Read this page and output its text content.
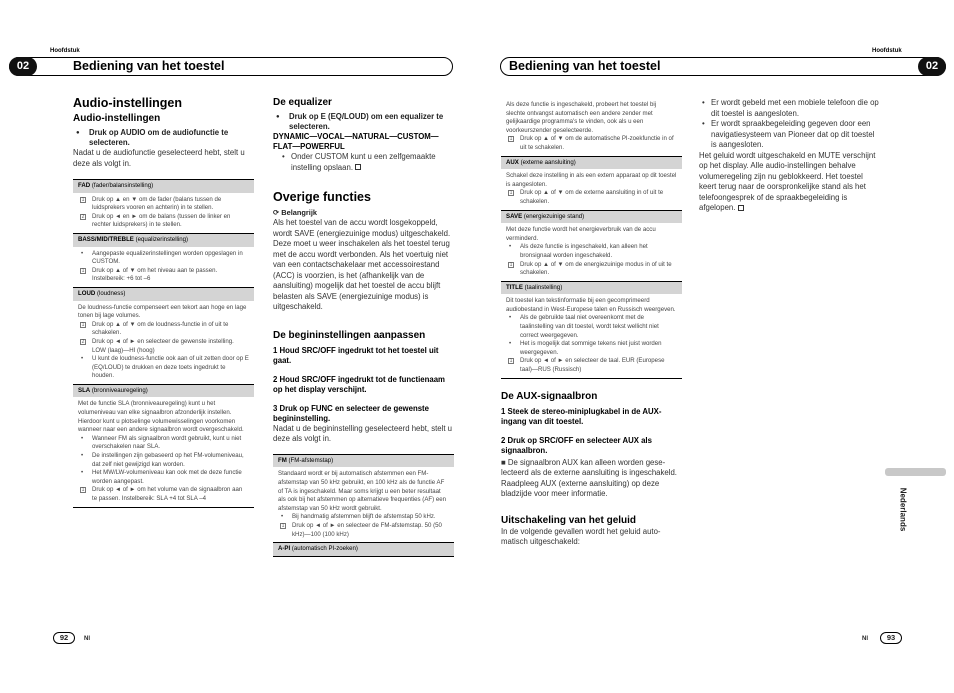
Hoofdstuk	Hoofdstuk
02	Bediening van het toestel	Bediening van het toestel	02
Audio-instellingen
Audio-instellingen
● Druk op AUDIO om de audiofunctie te selecteren.
Nadat u de audiofunctie geselecteerd hebt, stelt u deze als volgt in.
FAD (fader/balansinstelling)
1 Druk op ▲ en ▼ om de fader (balans tussen de luidsprekers vooren en achterin) in te stellen.
2 Druk op ◄ en ► om de balans (tussen de linker en rechter luidsprekers) in te stellen.
BASS/MID/TREBLE (equalizerinstelling)
• Aangepaste equalizerinstellingen worden opgeslagen in CUSTOM.
1 Druk op ▲ of ▼ om het niveau aan te passen. Instelbereik: +6 tot –6
LOUD (loudness)
De loudness-functie compenseert een tekort aan hoge en lage tonen bij lage volumes.
1 Druk op ▲ of ▼ om de loudness-functie in of uit te schakelen.
2 Druk op ◄ of ► en selecteer de gewenste instelling. LOW (laag)—HI (hoog)
• U kunt de loudness-functie ook aan of uit zetten door op E (EQ/LOUD) te drukken en deze toets ingedrukt te houden.
SLA (bronniveauregeling)
Met de functie SLA (bronniveauregeling) kunt u het volumeniveau van elke signaalbron afzonderlijk instellen. Hierdoor kunt u plotselinge volumewisselingen voorkomen wanneer naar een andere signaalbron wordt overgeschakeld.
• Wanneer FM als signaalbron wordt gebruikt, kunt u niet overschakelen naar SLA.
• De instellingen zijn gebaseerd op het FM-volumeniveau, dat zelf niet gewijzigd kan worden.
• Het MW/LW-volumeniveau kan ook met de deze functie worden aangepast.
1 Druk op ◄ of ► om het volume van de signaalbron aan te passen. Instelbereik: SLA +4 tot SLA –4
De equalizer
● Druk op E (EQ/LOUD) om een equalizer te selecteren.
DYNAMIC—VOCAL—NATURAL—CUSTOM—FLAT—POWERFUL
• Onder CUSTOM kunt u een zelfgemaakte instelling opslaan.
Overige functies
⟳ Belangrijk
Als het toestel van de accu wordt losgekoppeld, wordt SAVE (energiezuinige modus) uitgeschakeld. Deze moet u weer inschakelen als het toestel terug met de accu wordt verbonden. Als het voertuig niet van een contactschakelaar met accessoirestand (ACC) is voorzien, is het (afhankelijk van de aansluiting) mogelijk dat het toestel de accu blijft belasten als SAVE (energiezuinige modus) is uitgeschakeld.
De begininstellingen aanpassen
1 Houd SRC/OFF ingedrukt tot het toestel uit gaat.
2 Houd SRC/OFF ingedrukt tot de functienaam op het display verschijnt.
3 Druk op FUNC en selecteer de gewenste begininstelling.
Nadat u de begininstelling geselecteerd hebt, stelt u deze als volgt in.
FM (FM-afstemstap)
Standaard wordt er bij automatisch afstemmen een FM-afstemstap van 50 kHz gebruikt, en 100 kHz als de functie AF of TA is ingeschakeld. Maar soms krijgt u een beter resultaat als ook bij het afstemmen op alternatieve frequenties (AF) een afstemstap van 50 kHz wordt gebruikt.
• Bij handmatig afstemmen blijft de afstemstap 50 kHz.
1 Druk op ◄ of ► en selecteer de FM-afstemstap. 50 (50 kHz)—100 (100 kHz)
A-PI (automatisch PI-zoeken)
Als deze functie is ingeschakeld, probeert het toestel bij slechte ontvangst automatisch een andere zender met gelijkaardige programma's te vinden, ook als u een voorkeurszender geselecteerde.
1 Druk op ▲ of ▼ om de automatische PI-zoekfunctie in of uit te schakelen.
AUX (externe aansluiting)
Schakel deze instelling in als een extern apparaat op dit toestel is aangesloten.
1 Druk op ▲ of ▼ om de externe aansluiting in of uit te schakelen.
SAVE (energiezuinige stand)
Met deze functie wordt het energieverbruik van de accu verminderd.
• Als deze functie is ingeschakeld, kan alleen het bronsignaal worden ingeschakeld.
1 Druk op ▲ of ▼ om de energiezuinige modus in of uit te schakelen.
TITLE (taalinstelling)
Dit toestel kan tekstinformatie bij een gecomprimeerd audiobestand in West-Europese talen en Russisch weergeven.
• Als de gebruikte taal niet overeenkomt met de taalinstelling van dit toestel, wordt tekst wellicht niet correct weergegeven.
• Het is mogelijk dat sommige tekens niet juist worden weergegeven.
1 Druk op ◄ of ► en selecteer de taal. EUR (Europese taal)—RUS (Russisch)
De AUX-signaalbron
1 Steek de stereo-miniplugkabel in de AUX-ingang van dit toestel.
2 Druk op SRC/OFF en selecteer AUX als signaalbron.
■ De signaalbron AUX kan alleen worden geselecteerd als de externe aansluiting is ingeschakeld. Raadpleeg AUX (externe aansluiting) op deze bladzijde voor meer informatie.
Uitschakeling van het geluid
In de volgende gevallen wordt het geluid automatisch uitgeschakeld:
• Er wordt gebeld met een mobiele telefoon die op dit toestel is aangesloten.
• Er wordt spraakbegeleiding gegeven door een navigatiesysteem van Pioneer dat op dit toestel is aangesloten.
Het geluid wordt uitgeschakeld en MUTE verschijnt op het display. Alle audio-instellingen behalve volumeregeling zijn nu geblokkeerd. Het toestel keert terug naar de oorspronkelijke stand als het telefoongesprek of de spraakbegeleiding is afgelopen.
Nederlands
92	Nl	Nl	93
